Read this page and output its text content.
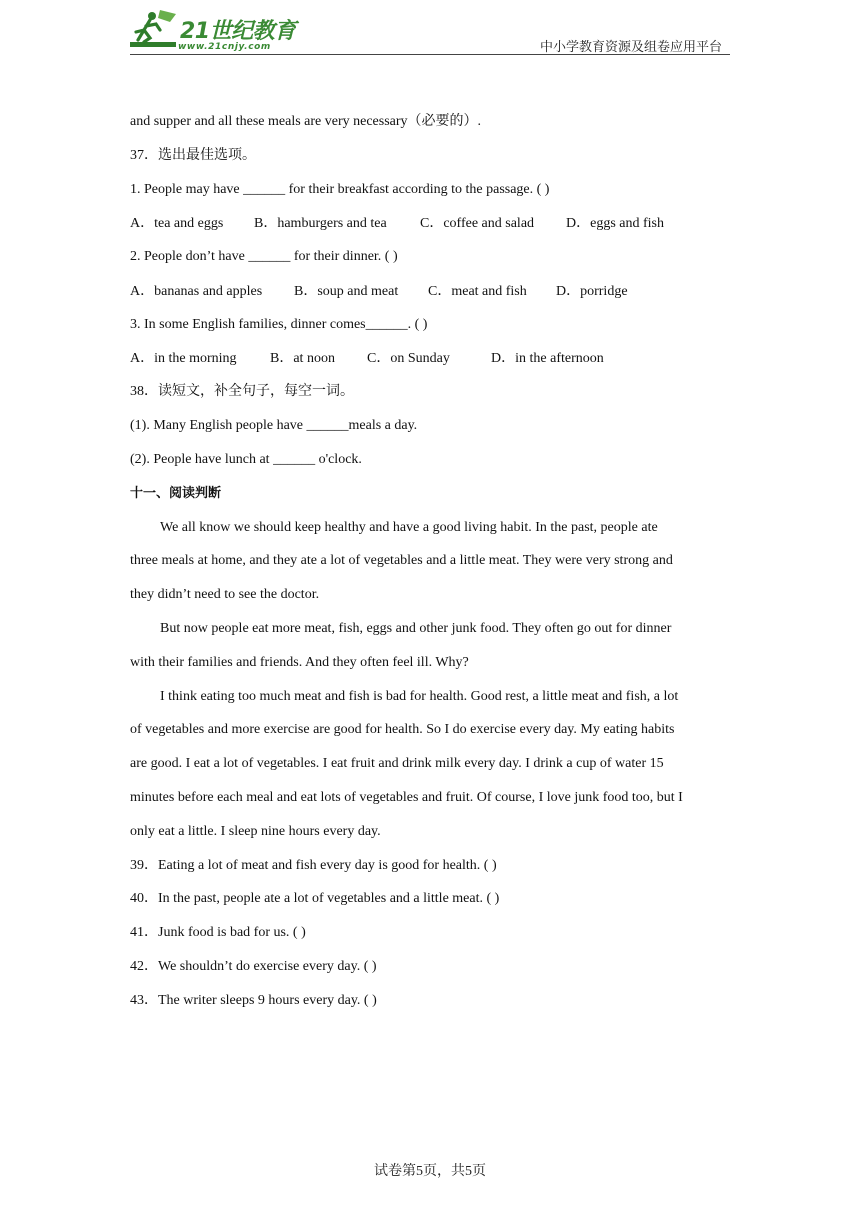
21世纪教育
www.21cnjy.com	中小学教育资源及组卷应用平台
and supper and all these meals are very necessary（必要的）.
37．选出最佳选项。
1. People may have ______ for their breakfast according to the passage. ( )
A．tea and eggs B．hamburgers and tea C．coffee and salad D．eggs and fish
2. People don’t have ______ for their dinner. ( )
A．bananas and apples B．soup and meat C．meat and fish D．porridge
3. In some English families, dinner comes______. ( )
A．in the morning B．at noon C．on Sunday	D．in the afternoon
38．读短文，补全句子，每空一词。
(1). Many English people have ______meals a day.
(2). People have lunch at ______ o'clock.
十一、阅读判断
We all know we should keep healthy and have a good living habit. In the past, people ate
three meals at home, and they ate a lot of vegetables and a little meat. They were very strong and
they didn’t need to see the doctor.
But now people eat more meat, fish, eggs and other junk food. They often go out for dinner
with their families and friends. And they often feel ill. Why?
I think eating too much meat and fish is bad for health. Good rest, a little meat and fish, a lot
of vegetables and more exercise are good for health. So I do exercise every day. My eating habits
are good. I eat a lot of vegetables. I eat fruit and drink milk every day. I drink a cup of water 15
minutes before each meal and eat lots of vegetables and fruit. Of course, I love junk food too, but I
only eat a little. I sleep nine hours every day.
39．Eating a lot of meat and fish every day is good for health. ( )
40．In the past, people ate a lot of vegetables and a little meat. ( )
41．Junk food is bad for us. ( )
42．We shouldn’t do exercise every day. ( )
43．The writer sleeps 9 hours every day. ( )
试卷第5页，共5页
